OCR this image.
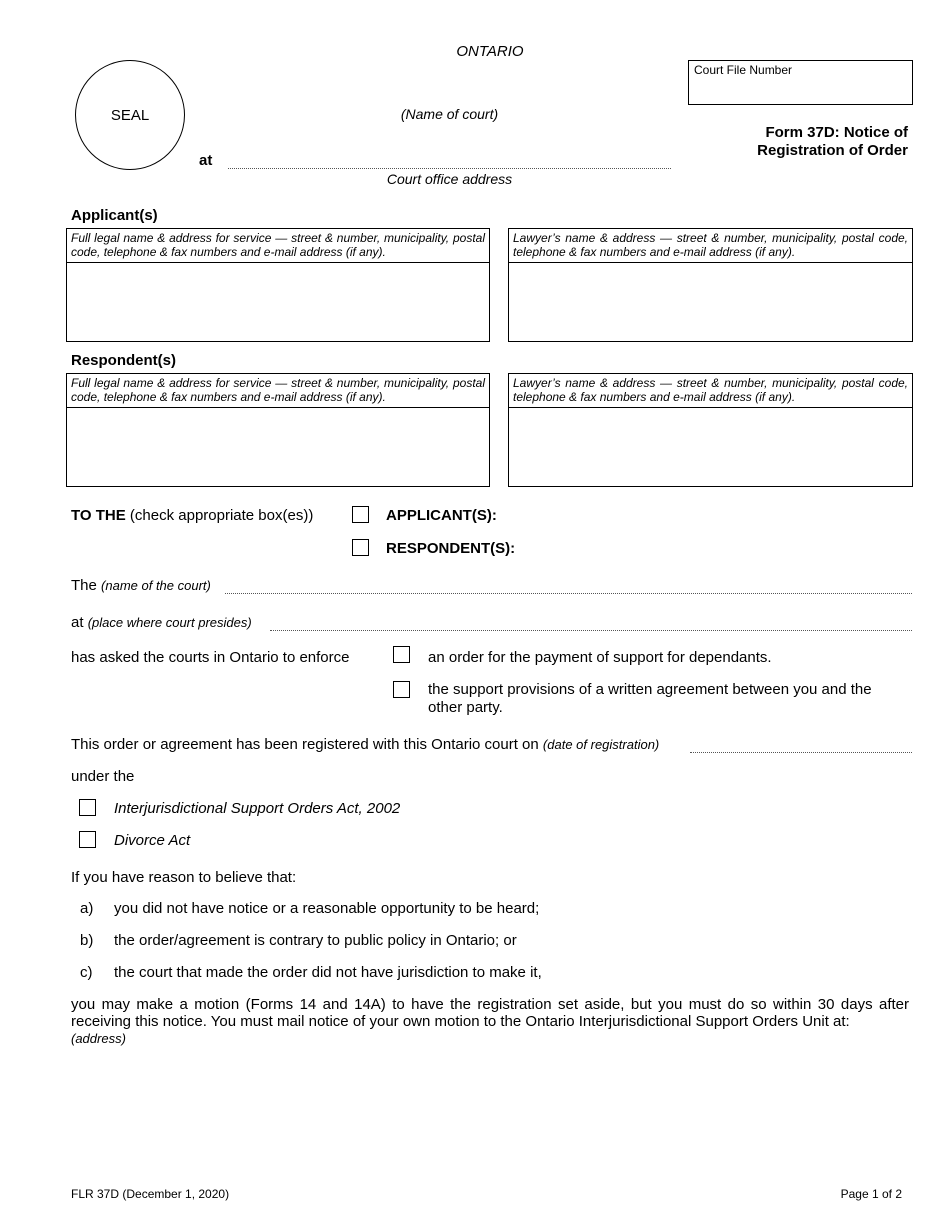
ONTARIO
SEAL	(Name of court)
at
Court office address
Court File Number
Form 37D: Notice of
Registration of Order
Applicant(s)
Full legal name & address for service — street & number, municipality, postal code, telephone & fax numbers and e-mail address (if any).
Lawyer’s name & address — street & number, municipality, postal code, telephone & fax numbers and e-mail address (if any).
Respondent(s)
Full legal name & address for service — street & number, municipality, postal code, telephone & fax numbers and e-mail address (if any).
Lawyer’s name & address — street & number, municipality, postal code, telephone & fax numbers and e-mail address (if any).
TO THE (check appropriate box(es))	APPLICANT(S):
RESPONDENT(S):
The (name of the court)
at (place where court presides)
has asked the courts in Ontario to enforce	an order for the payment of support for dependants.
the support provisions of a written agreement between you and the
other party.
This order or agreement has been registered with this Ontario court on (date of registration)
under the
Interjurisdictional Support Orders Act, 2002
Divorce Act
If you have reason to believe that:
a) you did not have notice or a reasonable opportunity to be heard;
b) the order/agreement is contrary to public policy in Ontario; or
c) the court that made the order did not have jurisdiction to make it,
you may make a motion (Forms 14 and 14A) to have the registration set aside, but you must do so within 30 days after receiving this notice. You must mail notice of your own motion to the Ontario Interjurisdictional Support Orders Unit at:
(address)
FLR 37D (December 1, 2020)	Page 1 of 2
